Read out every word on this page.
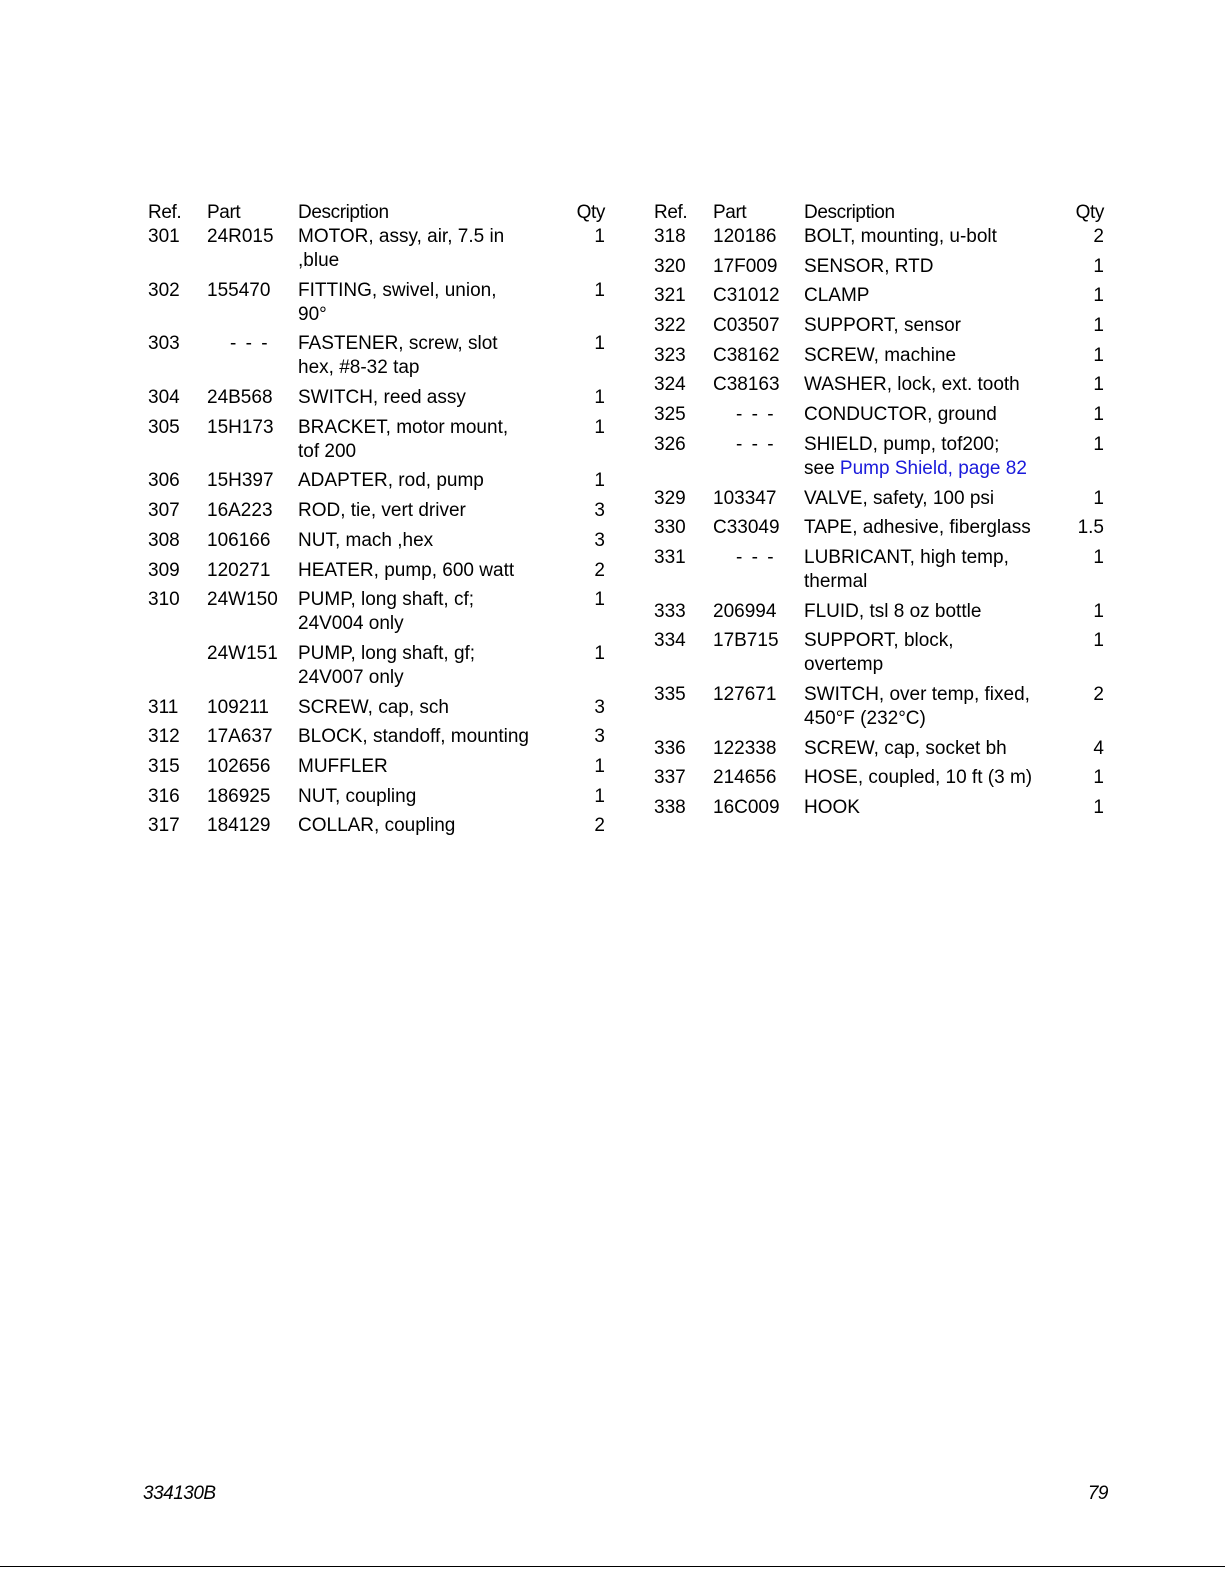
Ref.	Part	Description	Qty
301	24R015	MOTOR, assy, air, 7.5 in
,blue	1
302	155470	FITTING, swivel, union,
90°	1
303	- - -	FASTENER, screw, slot
hex, #8-32 tap	1
304	24B568	SWITCH, reed assy	1
305	15H173	BRACKET, motor mount,
tof 200	1
306	15H397	ADAPTER, rod, pump	1
307	16A223	ROD, tie, vert driver	3
308	106166	NUT, mach ,hex	3
309	120271	HEATER, pump, 600 watt	2
310	24W150	PUMP, long shaft, cf;
24V004 only	1
	24W151	PUMP, long shaft, gf;
24V007 only	1
311	109211	SCREW, cap, sch	3
312	17A637	BLOCK, standoff, mounting	3
315	102656	MUFFLER	1
316	186925	NUT, coupling	1
317	184129	COLLAR, coupling	2
Ref.	Part	Description	Qty
318	120186	BOLT, mounting, u-bolt	2
320	17F009	SENSOR, RTD	1
321	C31012	CLAMP	1
322	C03507	SUPPORT, sensor	1
323	C38162	SCREW, machine	1
324	C38163	WASHER, lock, ext. tooth	1
325	- - -	CONDUCTOR, ground	1
326	- - -	SHIELD, pump, tof200;
see Pump Shield, page 82	1
329	103347	VALVE, safety, 100 psi	1
330	C33049	TAPE, adhesive, fiberglass	1.5
331	- - -	LUBRICANT, high temp,
thermal	1
333	206994	FLUID, tsl 8 oz bottle	1
334	17B715	SUPPORT, block,
overtemp	1
335	127671	SWITCH, over temp, fixed,
450°F (232°C)	2
336	122338	SCREW, cap, socket bh	4
337	214656	HOSE, coupled, 10 ft (3 m)	1
338	16C009	HOOK	1
334130B	79
